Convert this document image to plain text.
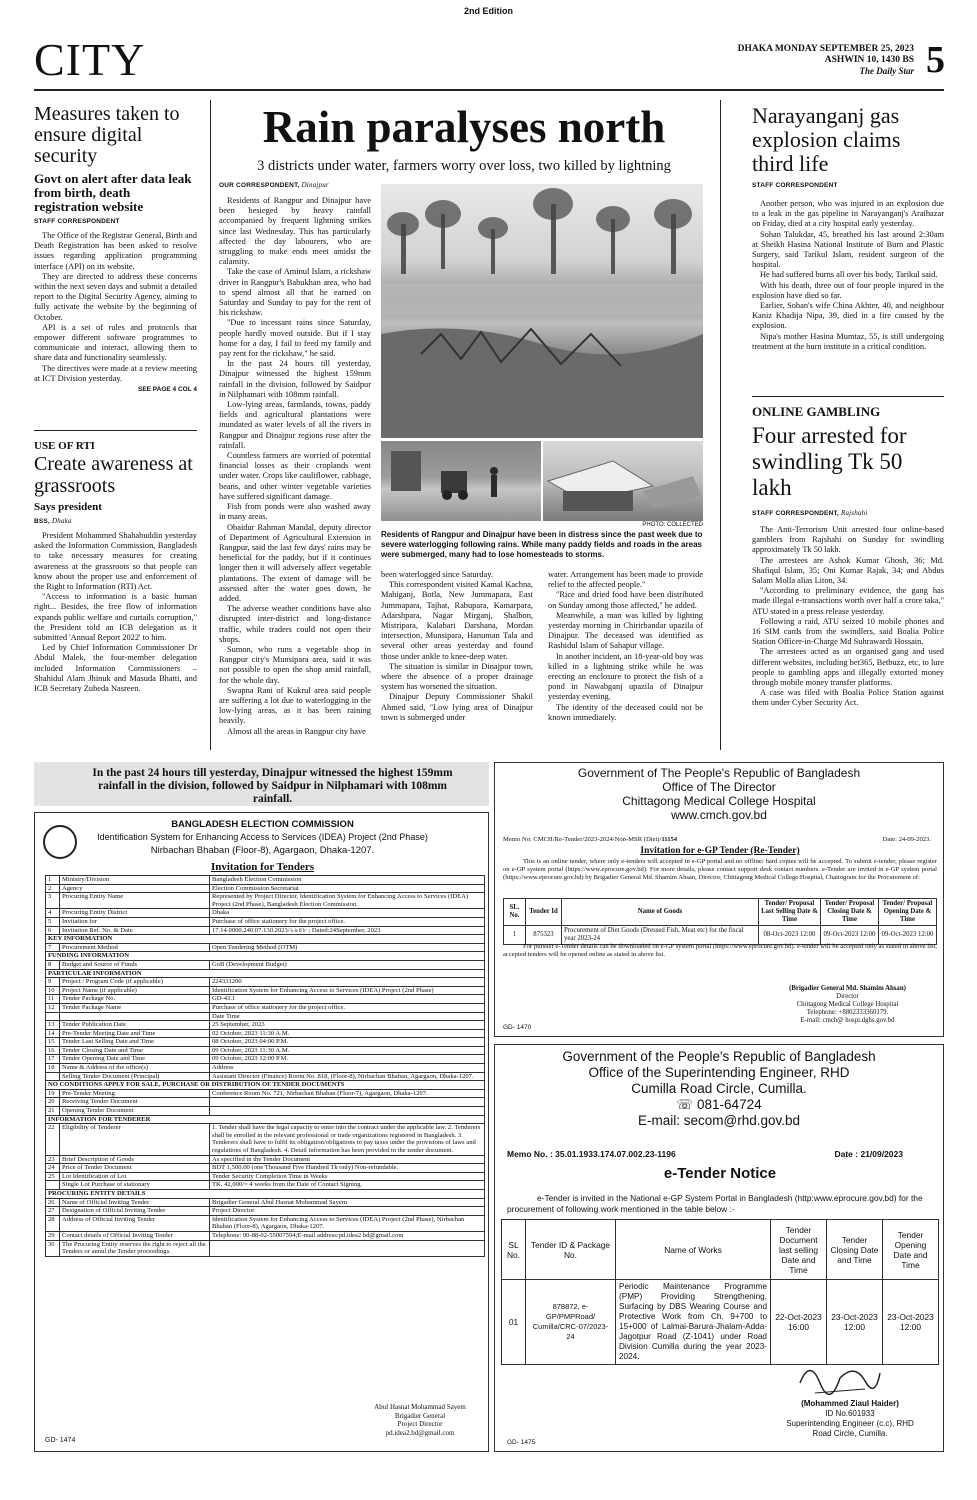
2nd Edition
CITY	DHAKA MONDAY SEPTEMBER 25, 2023
ASHWIN 10, 1430 BS
The Daily Star 5
Measures taken to ensure digital security
Govt on alert after data leak from birth, death registration website
STAFF CORRESPONDENT

The Office of the Registrar General, Birth and Death Registration has been asked to resolve issues regarding application programming interface (API) on its website.

They are directed to address these concerns within the next seven days and submit a detailed report to the Digital Security Agency, aiming to fully activate the website by the beginning of October.

API is a set of rules and protocols that empower different software programmes to communicate and interact, allowing them to share data and functionality seamlessly.

The directives were made at a review meeting at ICT Division yesterday.

SEE PAGE 4 COL 4
USE OF RTI
Create awareness at grassroots
Says president
BSS, Dhaka

President Mohammed Shahabuddin yesterday asked the Information Commission, Bangladesh to take necessary measures for creating awareness at the grassroots so that people can know about the proper use and enforcement of the Right to Information (RTI) Act.

"Access to information is a basic human right... Besides, the free flow of information expands public welfare and curtails corruption," the President told an ICB delegation as it submitted 'Annual Report 2022' to him.

Led by Chief Information Commissioner Dr Abdul Malek, the four-member delegation included Information Commissioners – Shahidul Alam Jhinuk and Masuda Bhatti, and ICB Secretary Zubeda Nasreen.

Rain paralyses north
3 districts under water, farmers worry over loss, two killed by lightning
OUR CORRESPONDENT, Dinajpur

Residents of Rangpur and Dinajpur have been besieged by heavy rainfall accompanied by frequent lightning strikes since last Wednesday. This has particularly affected the day labourers, who are struggling to make ends meet amidst the calamity.

Take the case of Aminul Islam, a rickshaw driver in Rangpur's Babukhan area, who had to spend almost all that he earned on Saturday and Sunday to pay for the rent of his rickshaw.

"Due to incessant rains since Saturday, people hardly moved outside. But if I stay home for a day, I fail to feed my family and pay rent for the rickshaw," he said.

In the past 24 hours till yesterday, Dinajpur witnessed the highest 159mm rainfall in the division, followed by Saidpur in Nilphamari with 108mm rainfall.

Low-lying areas, farmlands, towns, paddy fields and agricultural plantations were inundated as water levels of all the rivers in Rangpur and Dinajpur regions rose after the rainfall.

Countless farmers are worried of potential financial losses as their croplands went under water. Crops like cauliflower, cabbage, beans, and other winter vegetable varieties have suffered significant damage.

Fish from ponds were also washed away in many areas.

Obaidur Rahman Mandal, deputy director of Department of Agricultural Extension in Rangpur, said the last few days' rains may be beneficial for the paddy, but if it continues longer then it will adversely affect vegetable plantations. The extent of damage will be assessed after the water goes down, he added.

The adverse weather conditions have also disrupted inter-district and long-distance traffic, while traders could not open their shops.

Sumon, who runs a vegetable shop in Rangpur city's Munsipara area, said it was not possible to open the shop amid rainfall, for the whole day.

Swapna Rani of Kukrul area said people are suffering a lot due to waterlogging in the low-lying areas, as it has been raining heavily.

Almost all the areas in Rangpur city have

PHOTO: COLLECTED
Residents of Rangpur and Dinajpur have been in distress since the past week due to severe waterlogging following rains. While many paddy fields and roads in the areas were submerged, many had to lose homesteads to storms.

been waterlogged since Saturday.

This correspondent visited Kamal Kachna, Mahiganj, Botla, New Jummapara, East Jummapara, Tajhat, Rabupara, Kamarpara, Adarshpara, Nagar Mirganj, Shalbon, Mistripara, Kalabari Darshana, Mordan intersection, Munsipara, Hanuman Tala and several other areas yesterday and found those under ankle to knee-deep water.

The situation is similar in Dinajpur town, where the absence of a proper drainage system has worsened the situation.

Dinajpur Deputy Commissioner Shakil Ahmed said, "Low lying area of Dinajpur town is submerged under

water. Arrangement has been made to provide relief to the affected people."

"Rice and dried food have been distributed on Sunday among those affected," he added.

Meanwhile, a man was killed by lighting yesterday morning in Chirirbandar upazila of Dinajpur. The deceased was identified as Rashidul Islam of Sahapur village.

In another incident, an 18-year-old boy was killed in a lightning strike while he was erecting an enclosure to protect the fish of a pond in Nawabganj upazila of Dinajpur yesterday evening.

The identity of the deceased could not be known immediately.

Narayanganj gas explosion claims third life
STAFF CORRESPONDENT

Another person, who was injured in an explosion due to a leak in the gas pipeline in Narayanganj's Araihazar on Friday, died at a city hospital early yesterday.

Sohan Talukdar, 45, breathed his last around 2:30am at Sheikh Hasina National Institute of Burn and Plastic Surgery, said Tarikul Islam, resident surgeon of the hospital.

He had suffered burns all over his body, Tarikul said.

With his death, three out of four people injured in the explosion have died so far.

Earlier, Sohan's wife China Akhter, 40, and neighbour Kaniz Khadija Nipa, 39, died in a fire caused by the explosion.

Nipa's mother Hasina Mumtaz, 55, is still undergoing treatment at the burn institute in a critical condition.

ONLINE GAMBLING
Four arrested for swindling Tk 50 lakh
STAFF CORRESPONDENT, Rajshahi

The Anti-Terrorism Unit arrested four online-based gamblers from Rajshahi on Sunday for swindling approximately Tk 50 lakh.

The arrestees are Ashok Kumar Ghosh, 36; Md. Shafiqul Islam, 35; Oni Kumar Rajak, 34; and Abdus Salam Molla alias Liton, 34.

"According to preliminary evidence, the gang has made illegal e-transactions worth over half a crore taka," ATU stated in a press release yesterday.

Following a raid, ATU seized 10 mobile phones and 16 SIM cards from the swindlers, said Boalia Police Station Officer-in-Charge Md Suhrawardi Hossain.

The arrestees acted as an organised gang and used different websites, including bet365, Betbuzz, etc, to lure people to gambling apps and illegally extorted money through mobile money transfer platforms.

A case was filed with Boalia Police Station against them under Cyber Security Act.

In the past 24 hours till yesterday, Dinajpur witnessed the highest 159mm rainfall in the division, followed by Saidpur in Nilphamari with 108mm rainfall.
BANGLADESH ELECTION COMMISSION
Identification System for Enhancing Access to Services (IDEA) Project (2nd Phase)
Nirbachan Bhaban (Floor-8), Agargaon, Dhaka-1207.
Invitation for Tenders
1	Ministry/Division	Bangladesh Election Commission
2	Agency	Election Commission Secretariat
3	Procuring Entity Name	Represented by Project Director, Identification System for Enhancing Access to Services (IDEA) Project (2nd Phase), Bangladesh Election Commission.
4	Procuring Entity District	Dhaka
5	Invitation for	Purchase of office stationery for the project office.
6	Invitation Ref. No. & Date	17.14.0000.240.07.130.2023/২৯৪৮ ; Dated:24September, 2023
KEY INFORMATION		
7	Procurement Method	Open Tendering Method (OTM)
FUNDING INFORMATION		
8	Budget and Source of Funds	GoB (Development Budget)
PARTICULAR INFORMATION		
9	Project / Program Code (if applicable)	224331200
10	Project Name (if applicable)	Identification System for Enhancing Access to Services (IDEA) Project (2nd Phase)
11	Tender Package No.	GD-43.1
12	Tender Package Name	Purchase of office stationery for the project office.
		Date Time
13	Tender Publication Date	25 September, 2023
14	Pre-Tender Meeting Date and Time	02 October, 2023 11:30 A.M.
15	Tender Last Selling Date and Time	08 October, 2023 04:00 P.M.
16	Tender Closing Date and Time	09 October, 2023 11:30 A.M.
17	Tender Opening Date and Time	09 October, 2023 12:00 P.M.
18	Name & Address of the office(s)	Address
	Selling Tender Document (Principal)	Assistant Director (Finance) Room No. 818, (Floor-8), Nirbachan Bhaban, Agargaon, Dhaka-1207.
NO CONDITIONS APPLY FOR SALE, PURCHASE OR DISTRIBUTION OF TENDER DOCUMENTS		
19	Pre-Tender Meeting	Conference Room No. 721, Nirbachan Bhaban (Floor-7), Agargaon, Dhaka-1207.
20	Receiving Tender Document	
21	Opening Tender Document	
INFORMATION FOR TENDERER		
22	Eligibility of Tenderer	1. Tender shall have the legal capacity to enter into the contract under the applicable law. 2. Tenderers shall be enrolled in the relevant professional or trade organizations registered in Bangladesh. 3. Tenderers shall have to fulfil its obligation/obligations to pay taxes under the provisions of laws and regulations of Bangladesh. 4. Detail information has been provided in the tender document.
23	Brief Description of Goods	As specified in the Tender Document
24	Price of Tender Document	BDT 1,500.00 (one Thousand Five Hundred Tk only) Non-refundable.
25	Lot Identification of Lot	Tender Security Completion Time in Weeks
	Single Lot Purchase of stationary	TK. 42,000/= 4 weeks from the Date of Contact Signing.
PROCURING ENTITY DETAILS		
26	Name of Official Inviting Tender	Brigadier General Abul Hasnat Mohammad Sayem
27	Designation of Official Inviting Tender	Project Director
28	Address of Official Inviting Tender	Identification System for Enhancing Access to Services (IDEA) Project (2nd Phase), Nirbachan Bhaban (Floor-8), Agargaon, Dhaka-1207.
29	Contact details of Official Inviting Tender	Telephone: 00-88-02-55007594;E-mail address:pd.idea2.bd@gmail.com
30	The Procuring Entity reserves the right to reject all the Tenders or annul the Tender proceedings.	
Abul Hasnat Mohammad Sayem
Brigadier General
Project Director
pd.idea2.bd@gmail.com
GD- 1474
Government of The People's Republic of Bangladesh
Office of The Director
Chittagong Medical College Hospital
www.cmch.gov.bd
Memo No: CMCH/Re-Tender/2023-2024/Non-MSR (Diet)/11154	Date: 24-09-2023.
Invitation for e-GP Tender (Re-Tender)
This is an online tender, where only e-tenders will accepted in e-GP portal and no offline/ hard copies will be accepted. To submit e-tender, please register on e-GP system portal (https://www.eprocure.gov.bd). For more details, please contact support desk contact numbers. e-Tender are invited in e-GP system portal (https://www.eprocure.gov.bd) by Brigadier General Md. Shamim Ahsan, Director, Chittagong Medical College Hospital, Chattogram for the Procurement of:
SL. No.	Tender Id	Name of Goods	Tender/ Proposal Last Selling Date & Time	Tender/ Proposal Closing Date & Time	Tender/ Proposal Opening Date & Time
1	875323	Procurement of Diet Goods (Dressed Fish, Meat etc) for the fiscal year 2023-24	08-Oct-2023 12:00	09-Oct-2023 12:00	09-Oct-2023 12:00
For pursuer e-Tender details can be downloaded on e-GP system portal (https://www.eprocure.gov.bd). e-tender will be accepted only as stated in above list, accepted tenders will be opened online as stated in above list.
(Brigadier General Md. Shamim Ahsan)
Director
Chittagong Medical College Hospital
Telephone: +8802333360179.
E-mail: cmch@ hospi.dghs.gov.bd
GD- 1470
Government of the People's Republic of Bangladesh
Office of the Superintending Engineer, RHD
Cumilla Road Circle, Cumilla.
☏ 081-64724
E-mail: secom@rhd.gov.bd
Memo No. : 35.01.1933.174.07.002.23-1196	Date : 21/09/2023
e-Tender Notice
e-Tender is invited in the National e-GP System Portal in Bangladesh (http:www.eprocure.gov.bd) for the procurement of following work mentioned in the table below :-
SL No.	Tender ID & Package No.	Name of Works	Tender Document last selling Date and Time	Tender Closing Date and Time	Tender Opening Date and Time
01	878872, e-GP/PMPRoad/ Cumilla/CRC-07/2023-24	Periodic Maintenance Programme (PMP) Providing Strengthening, Surfacing by DBS Wearing Course and Protective Work from Ch. 9+700 to 15+000 of Lalmai-Barura-Jhalam-Adda-Jagotpur Road (Z-1041) under Road Division Cumilla during the year 2023-2024.	22-Oct-2023 16:00	23-Oct-2023 12:00	23-Oct-2023 12:00
(Mohammed Ziaul Haider)
ID No.601933
Superintending Engineer (c.c), RHD
Road Circle, Cumilla.
GD- 1475
